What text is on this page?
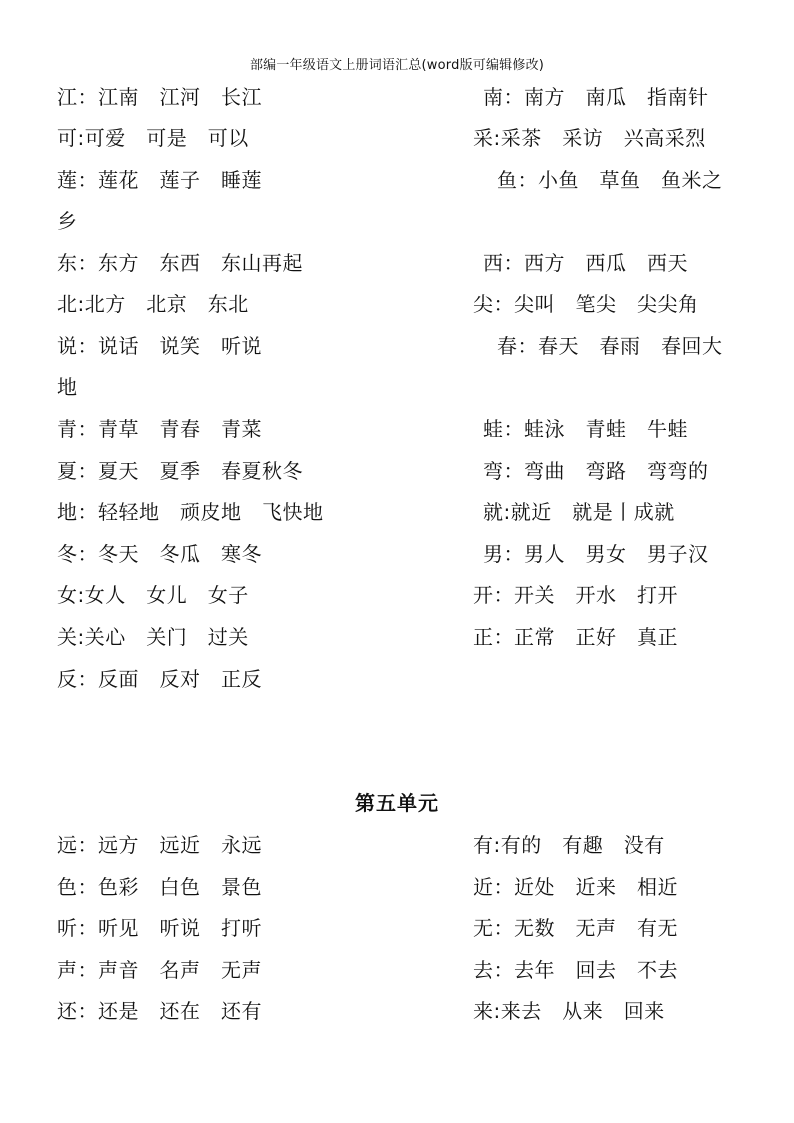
部编一年级语文上册词语汇总(word版可编辑修改)
江：江南　江河　长江
可:可爱　可是　可以
莲：莲花　莲子　睡莲
乡
东：东方　东西　东山再起
北:北方　北京　东北
说：说话　说笑　听说
地
青：青草　青春　青菜
夏：夏天　夏季　春夏秋冬
地：轻轻地　顽皮地　飞快地
冬：冬天　冬瓜　寒冬
女:女人　女儿　女子
关:关心　关门　过关
反：反面　反对　正反
南：南方　南瓜　指南针
采:采茶　采访　兴高采烈
鱼：小鱼　草鱼　鱼米之
西：西方　西瓜　西天
尖：尖叫　笔尖　尖尖角
春：春天　春雨　春回大
蛙：蛙泳　青蛙　牛蛙
弯：弯曲　弯路　弯弯的
就:就近　就是丨成就
男：男人　男女　男子汉
开：开关　开水　打开
正：正常　正好　真正
第五单元
远：远方　远近　永远
色：色彩　白色　景色
听：听见　听说　打听
声：声音　名声　无声
还：还是　还在　还有
有:有的　有趣　没有
近：近处　近来　相近
无：无数　无声　有无
去：去年　回去　不去
来:来去　从来　回来
